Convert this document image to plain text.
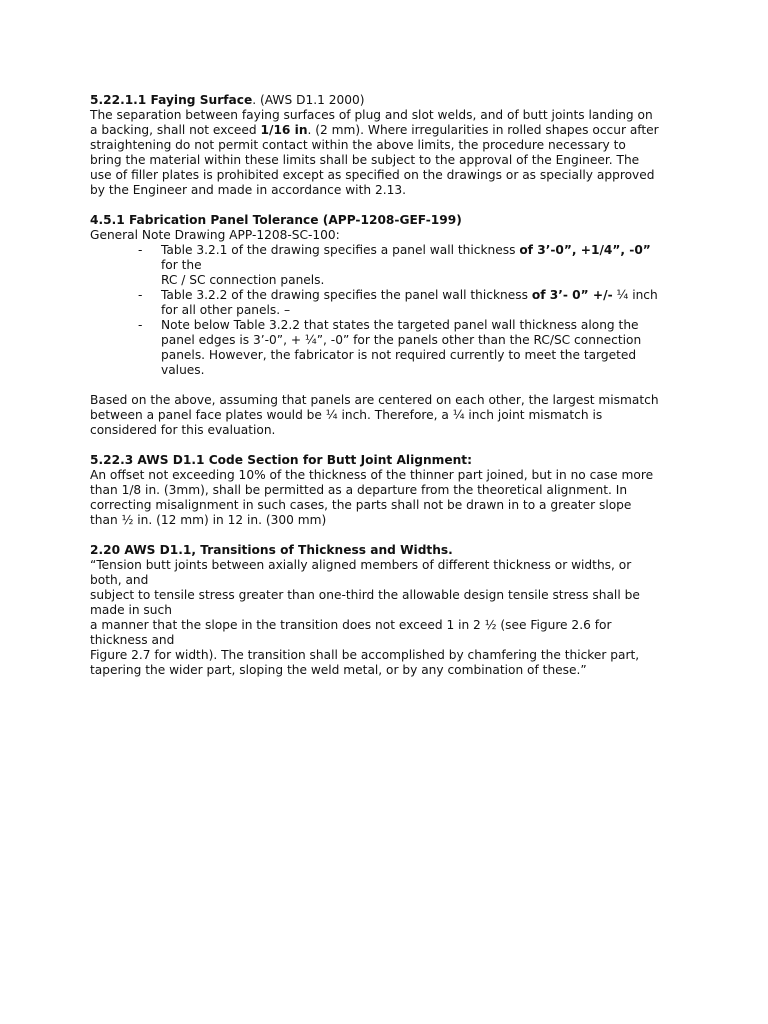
5.22.1.1 Faying Surface. (AWS D1.1 2000)
The separation between faying surfaces of plug and slot welds, and of butt joints landing on
a backing, shall not exceed 1/16 in. (2 mm). Where irregularities in rolled shapes occur after
straightening do not permit contact within the above limits, the procedure necessary to
bring the material within these limits shall be subject to the approval of the Engineer. The
use of filler plates is prohibited except as specified on the drawings or as specially approved
by the Engineer and made in accordance with 2.13.
4.5.1 Fabrication Panel Tolerance (APP-1208-GEF-199)
General Note Drawing APP-1208-SC-100:
- Table 3.2.1 of the drawing specifies a panel wall thickness of 3’-0”, +1/4”, -0”
for the
RC / SC connection panels.
- Table 3.2.2 of the drawing specifies the panel wall thickness of 3’- 0” +/- ¼ inch
for all other panels. –
- Note below Table 3.2.2 that states the targeted panel wall thickness along the
panel edges is 3’-0”, + ¼”, -0” for the panels other than the RC/SC connection
panels. However, the fabricator is not required currently to meet the targeted
values.
Based on the above, assuming that panels are centered on each other, the largest mismatch
between a panel face plates would be ¼ inch. Therefore, a ¼ inch joint mismatch is
considered for this evaluation.
5.22.3 AWS D1.1 Code Section for Butt Joint Alignment:
An offset not exceeding 10% of the thickness of the thinner part joined, but in no case more
than 1/8 in. (3mm), shall be permitted as a departure from the theoretical alignment. In
correcting misalignment in such cases, the parts shall not be drawn in to a greater slope
than ½ in. (12 mm) in 12 in. (300 mm)
2.20 AWS D1.1, Transitions of Thickness and Widths.
“Tension butt joints between axially aligned members of different thickness or widths, or
both, and
subject to tensile stress greater than one-third the allowable design tensile stress shall be
made in such
a manner that the slope in the transition does not exceed 1 in 2 ½ (see Figure 2.6 for
thickness and
Figure 2.7 for width). The transition shall be accomplished by chamfering the thicker part,
tapering the wider part, sloping the weld metal, or by any combination of these.”
